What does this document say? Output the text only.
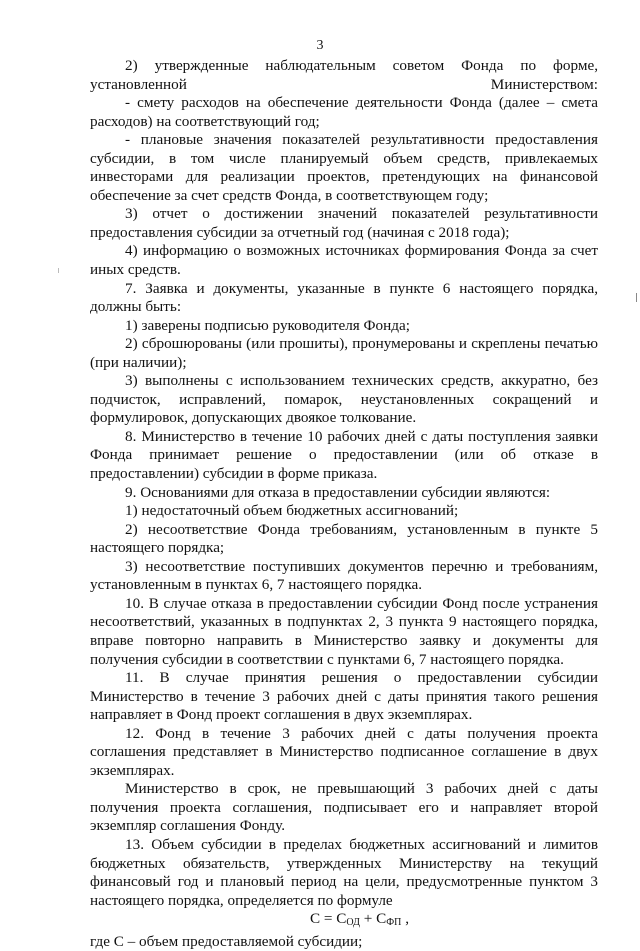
3

2) утвержденные наблюдательным советом Фонда по форме, установленной Министерством:

- смету расходов на обеспечение деятельности Фонда (далее – смета расходов) на соответствующий год;

- плановые значения показателей результативности предоставления субсидии, в том числе планируемый объем средств, привлекаемых инвесторами для реализации проектов, претендующих на финансовой обеспечение за счет средств Фонда, в соответствующем году;

3) отчет о достижении значений показателей результативности предоставления субсидии за отчетный год (начиная с 2018 года);

4) информацию о возможных источниках формирования Фонда за счет иных средств.

7. Заявка и документы, указанные в пункте 6 настоящего порядка, должны быть:

1) заверены подписью руководителя Фонда;

2) сброшюрованы (или прошиты), пронумерованы и скреплены печатью (при наличии);

3) выполнены с использованием технических средств, аккуратно, без подчисток, исправлений, помарок, неустановленных сокращений и формулировок, допускающих двоякое толкование.

8. Министерство в течение 10 рабочих дней с даты поступления заявки Фонда принимает решение о предоставлении (или об отказе в предоставлении) субсидии в форме приказа.

9. Основаниями для отказа в предоставлении субсидии являются:

1) недостаточный объем бюджетных ассигнований;

2) несоответствие Фонда требованиям, установленным в пункте 5 настоящего порядка;

3) несоответствие поступивших документов перечню и требованиям, установленным в пунктах 6, 7 настоящего порядка.

10. В случае отказа в предоставлении субсидии Фонд после устранения несоответствий, указанных в подпунктах 2, 3 пункта 9 настоящего порядка, вправе повторно направить в Министерство заявку и документы для получения субсидии в соответствии с пунктами 6, 7 настоящего порядка.

11. В случае принятия решения о предоставлении субсидии Министерство в течение 3 рабочих дней с даты принятия такого решения направляет в Фонд проект соглашения в двух экземплярах.

12. Фонд в течение 3 рабочих дней с даты получения проекта соглашения представляет в Министерство подписанное соглашение в двух экземплярах.

Министерство в срок, не превышающий 3 рабочих дней с даты получения проекта соглашения, подписывает его и направляет второй экземпляр соглашения Фонду.

13. Объем субсидии в пределах бюджетных ассигнований и лимитов бюджетных обязательств, утвержденных Министерству на текущий финансовый год и плановый период на цели, предусмотренные пунктом 3 настоящего порядка, определяется по формуле

$С = С_{ОД} + С_{ФП}$ ,

где С – объем предоставляемой субсидии;
